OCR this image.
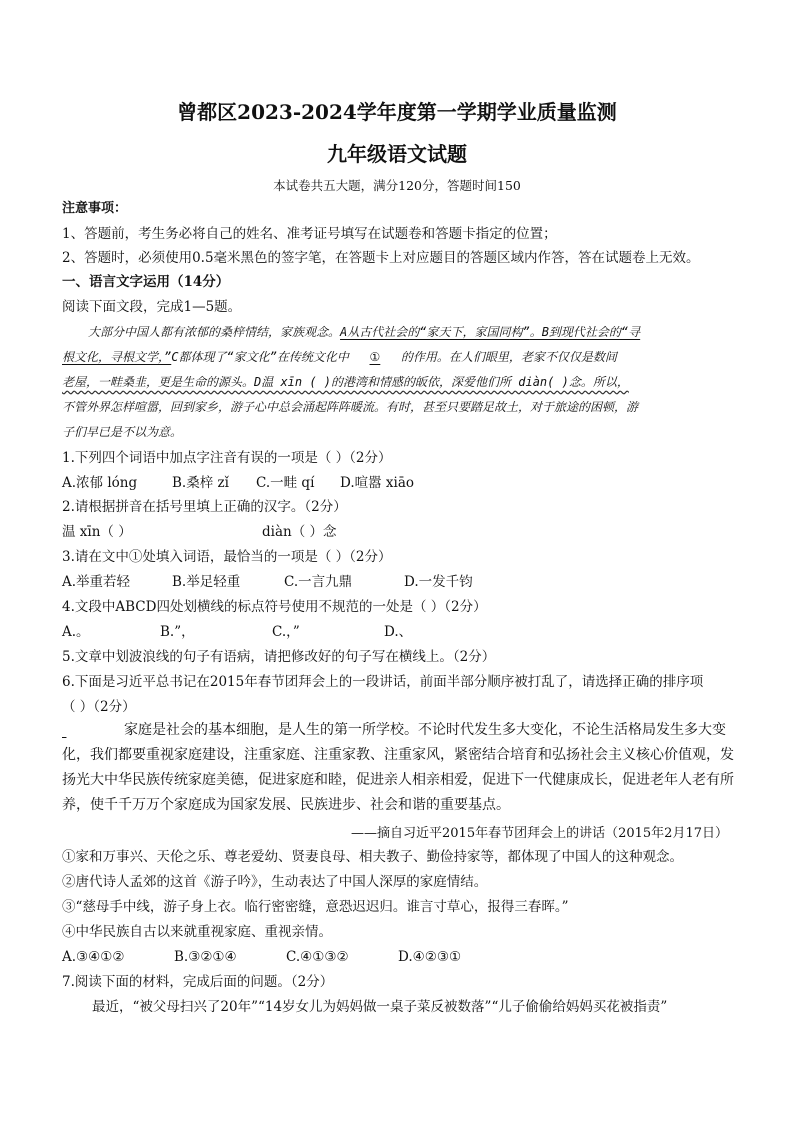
曾都区2023-2024学年度第一学期学业质量监测
九年级语文试题
本试卷共五大题，满分120分，答题时间150
注意事项：
1、答题前，考生务必将自己的姓名、准考证号填写在试题卷和答题卡指定的位置；
2、答题时，必须使用0.5毫米黑色的签字笔，在答题卡上对应题目的答题区域内作答，答在试题卷上无效。
一、语言文字运用（14分）
阅读下面文段，完成1—5题。

大部分中国人都有浓郁的桑梓情结，家族观念。A从古代社会的“家天下，家国同构”。B到现代社会的“寻

根文化，寻根文学，”C都体现了“家文化”在传统文化中 ① 的作用。在人们眼里，老家不仅仅是数间

老屋，一畦桑韭，更是生命的源头。D温 xīn ( )的港湾和情感的皈依，深爱他们所 diàn( )念。所以，

不管外界怎样喧嚣，回到家乡，游子心中总会涌起阵阵暖流。有时，甚至只要踏足故土，对于旅途的困顿，游

子们早已是不以为意。

1.下列四个词语中加点字注音有误的一项是（ ）（2分）
A.浓郁 lóng	B.桑梓 zǐ C.一畦 qí D.喧嚣 xiāo
2.请根据拼音在括号里填上正确的汉字。（2分）
温 xīn（ ）	diàn（ ）念
3.请在文中①处填入词语，最恰当的一项是（ ）（2分）
A.举重若轻	B.举足轻重	C.一言九鼎	D.一发千钧
4.文段中ABCD四处划横线的标点符号使用不规范的一处是（ ）（2分）
A.。	B.”，	C.，”	D.、
5.文章中划波浪线的句子有语病，请把修改好的句子写在横线上。（2分）
6.下面是习近平总书记在2015年春节团拜会上的一段讲话，前面半部分顺序被打乱了，请选择正确的排序项
（ ）（2分）

家庭是社会的基本细胞，是人生的第一所学校。不论时代发生多大变化，不论生活格局发生多大变

化，我们都要重视家庭建设，注重家庭、注重家教、注重家风，紧密结合培育和弘扬社会主义核心价值观，发

扬光大中华民族传统家庭美德，促进家庭和睦，促进亲人相亲相爱，促进下一代健康成长，促进老年人老有所

养，使千千万万个家庭成为国家发展、民族进步、社会和谐的重要基点。

——摘自习近平2015年春节团拜会上的讲话（2015年2月17日）
①家和万事兴、天伦之乐、尊老爱幼、贤妻良母、相夫教子、勤俭持家等，都体现了中国人的这种观念。
②唐代诗人孟郊的这首《游子吟》，生动表达了中国人深厚的家庭情结。
③“慈母手中线，游子身上衣。临行密密缝，意恐迟迟归。谁言寸草心，报得三春晖。”
④中华民族自古以来就重视家庭、重视亲情。
A.③④①②	B.③②①④	C.④①③②	D.④②③①
7.阅读下面的材料，完成后面的问题。（2分）
最近，“被父母扫兴了20年”“14岁女儿为妈妈做一桌子菜反被数落”“儿子偷偷给妈妈买花被指责”
